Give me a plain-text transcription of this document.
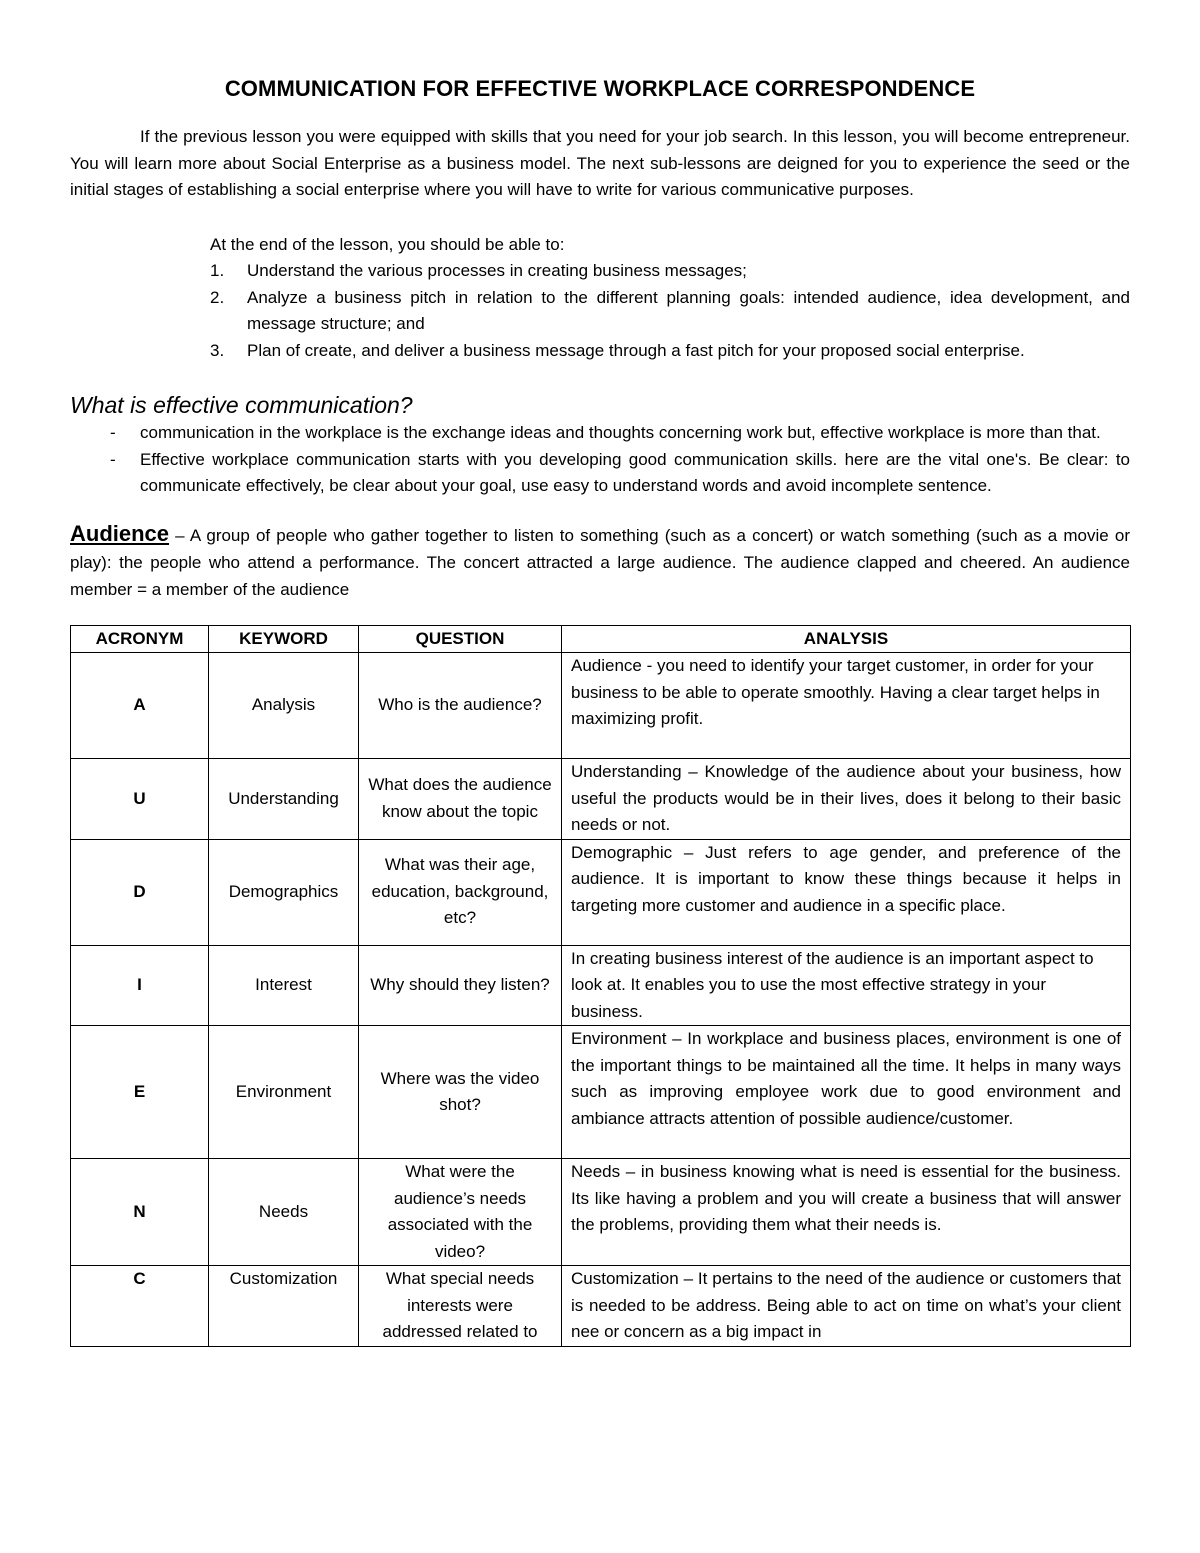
COMMUNICATION FOR EFFECTIVE WORKPLACE CORRESPONDENCE

If the previous lesson you were equipped with skills that you need for your job search. In this lesson, you will become entrepreneur. You will learn more about Social Enterprise as a business model. The next sub-lessons are deigned for you to experience the seed or the initial stages of establishing a social enterprise where you will have to write for various communicative purposes.

At the end of the lesson, you should be able to:

1. Understand the various processes in creating business messages;
2. Analyze a business pitch in relation to the different planning goals: intended audience, idea development, and message structure; and
3. Plan of create, and deliver a business message through a fast pitch for your proposed social enterprise.
What is effective communication?
- communication in the workplace is the exchange ideas and thoughts concerning work but, effective workplace is more than that.
- Effective workplace communication starts with you developing good communication skills. here are the vital one's. Be clear: to communicate effectively, be clear about your goal, use easy to understand words and avoid incomplete sentence.

Audience – A group of people who gather together to listen to something (such as a concert) or watch something (such as a movie or play): the people who attend a performance. The concert attracted a large audience. The audience clapped and cheered. An audience member = a member of the audience

ACRONYM	KEYWORD	QUESTION	ANALYSIS
A	Analysis	Who is the audience?	Audience - you need to identify your target customer, in order for your business to be able to operate smoothly. Having a clear target helps in maximizing profit.
U	Understanding	What does the audience know about the topic	Understanding – Knowledge of the audience about your business, how useful the products would be in their lives, does it belong to their basic needs or not.
D	Demographics	What was their age, education, background, etc?	Demographic – Just refers to age gender, and preference of the audience. It is important to know these things because it helps in targeting more customer and audience in a specific place.
I	Interest	Why should they listen?	In creating business interest of the audience is an important aspect to look at. It enables you to use the most effective strategy in your business.
E	Environment	Where was the video shot?	Environment – In workplace and business places, environment is one of the important things to be maintained all the time. It helps in many ways such as improving employee work due to good environment and ambiance attracts attention of possible audience/customer.
N	Needs	What were the audience’s needs associated with the video?	Needs – in business knowing what is need is essential for the business. Its like having a problem and you will create a business that will answer the problems, providing them what their needs is.
C	Customization	What special needs interests were addressed related to	Customization – It pertains to the need of the audience or customers that is needed to be address. Being able to act on time on what’s your client nee or concern as a big impact in
